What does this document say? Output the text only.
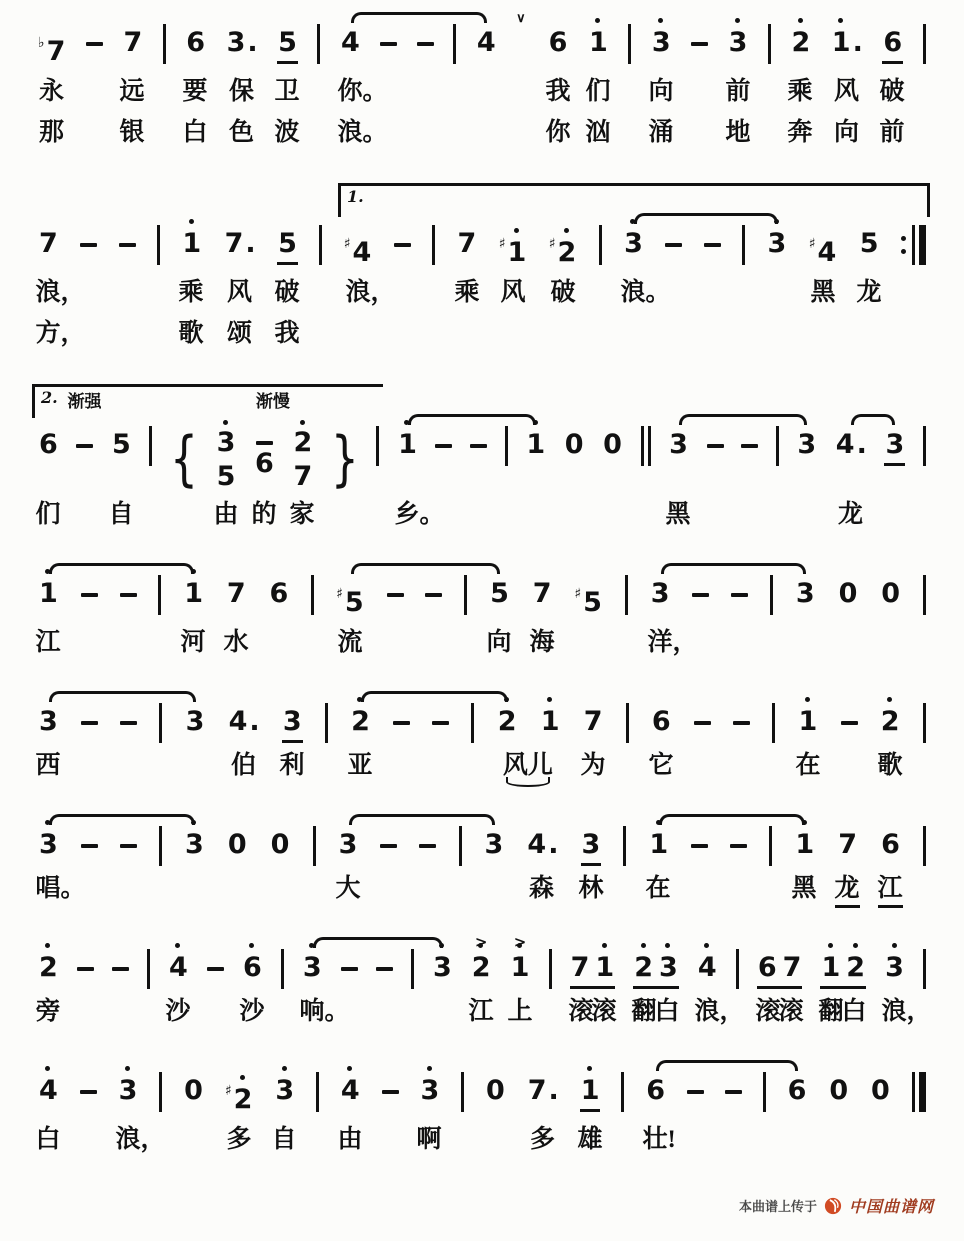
♭7 7 6 3. 5 4	4 ∨ 6 1 3 3 2 1
. 6
永 远 要 保 卫 你。	我 们 向 前 乘 风 破
那 银 白 色 波 浪。	你 汹 涌 地 奔 向 前
7	1 7. 5	♯4	7 ♯1 ♯2 3	3 ♯4 5
浪，	乘 风 破 浪， 乘 风 破 浪。	黑 龙
方，	歌 颂 我
1.
6 5 { 3
5 6
2
7 } 1	1 0 0 3	3 4. 3
们 自	由 的 家	乡。	黑	龙
2. 渐强	渐慢
1	1 7 6	♯5	5 7 ♯5 3	3 0 0
江	河 水	流	向 海	洋，
3	3 4. 3 2	2 1 7 6	1 2
西	伯 利 亚	风儿 为 它	在 歌
3	3 0 0 3	3 4. 3 1	1 7 6
唱。	大	森 林 在	黑 龙 江
2	4 6 3	3 2
>
1
>
7 1 2 3 4 6 7 1 2 3
旁	沙 沙 响。	江 上 滚
滚 翻
白 浪， 滚
滚 翻
白 浪，
4 3 0 ♯2 3 4 3 0 7. 1 6	6 0 0
白 浪， 多 自 由 啊	多 雄 壮!
本曲谱上传于 中国曲谱网
